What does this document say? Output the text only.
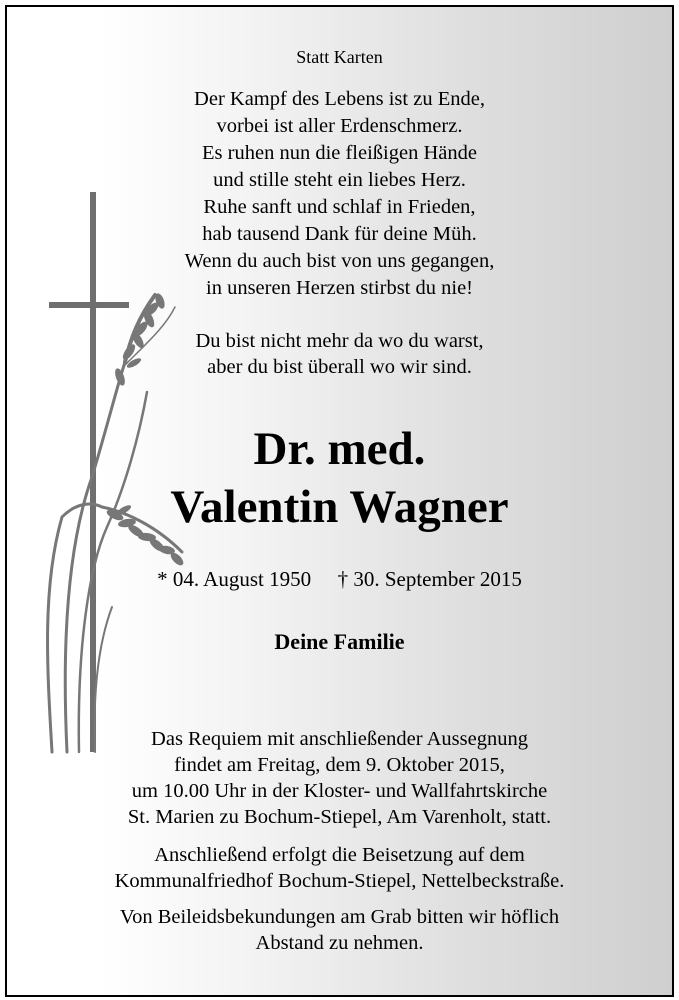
Statt Karten
Der Kampf des Lebens ist zu Ende,
vorbei ist aller Erdenschmerz.
Es ruhen nun die fleißigen Hände
und stille steht ein liebes Herz.
Ruhe sanft und schlaf in Frieden,
hab tausend Dank für deine Müh.
Wenn du auch bist von uns gegangen,
in unseren Herzen stirbst du nie!
Du bist nicht mehr da wo du warst,
aber du bist überall wo wir sind.
Dr. med.
Valentin Wagner
* 04. August 1950 † 30. September 2015
Deine Familie
Das Requiem mit anschließender Aussegnung
findet am Freitag, dem 9. Oktober 2015,
um 10.00 Uhr in der Kloster- und Wallfahrtskirche
St. Marien zu Bochum-Stiepel, Am Varenholt, statt.
Anschließend erfolgt die Beisetzung auf dem
Kommunalfriedhof Bochum-Stiepel, Nettelbeckstraße.
Von Beileidsbekundungen am Grab bitten wir höflich
Abstand zu nehmen.
